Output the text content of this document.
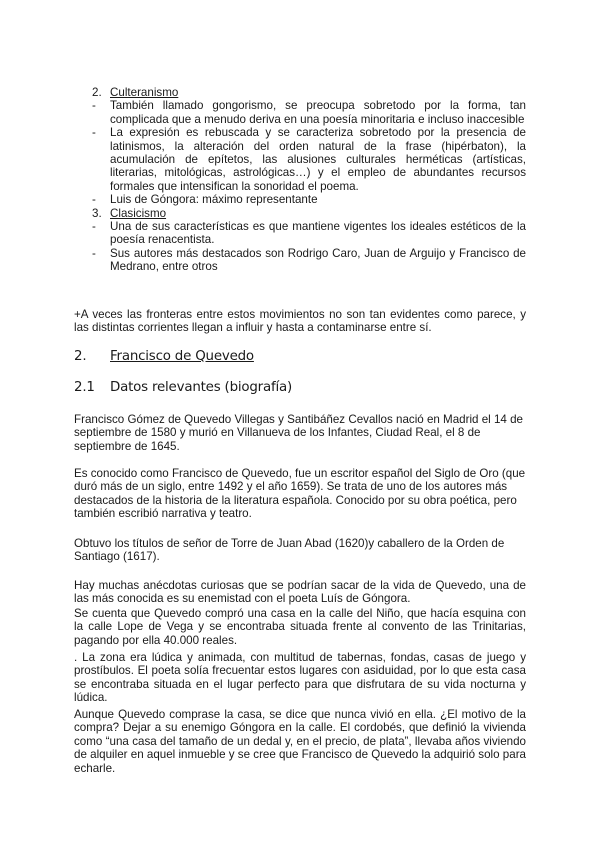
2. Culteranismo
- También llamado gongorismo, se preocupa sobretodo por la forma, tan complicada que a menudo deriva en una poesía minoritaria e incluso inaccesible
- La expresión es rebuscada y se caracteriza sobretodo por la presencia de latinismos, la alteración del orden natural de la frase (hipérbaton), la acumulación de epítetos, las alusiones culturales herméticas (artísticas, literarias, mitológicas, astrológicas…) y el empleo de abundantes recursos formales que intensifican la sonoridad el poema.
- Luis de Góngora: máximo representante
3. Clasicismo
- Una de sus características es que mantiene vigentes los ideales estéticos de la poesía renacentista.
- Sus autores más destacados son Rodrigo Caro, Juan de Arguijo y Francisco de Medrano, entre otros

+A veces las fronteras entre estos movimientos no son tan evidentes como parece, y las distintas corrientes llegan a influir y hasta a contaminarse entre sí.

2. Francisco de Quevedo
2.1 Datos relevantes (biografía)

Francisco Gómez de Quevedo Villegas y Santibáñez Cevallos nació en Madrid el 14 de septiembre de 1580 y murió en Villanueva de los Infantes, Ciudad Real, el 8 de septiembre de 1645.

Es conocido como Francisco de Quevedo, fue un escritor español del Siglo de Oro (que duró más de un siglo, entre 1492 y el año 1659). Se trata de uno de los autores más destacados de la historia de la literatura española. Conocido por su obra poética, pero también escribió narrativa y teatro.

Obtuvo los títulos de señor de Torre de Juan Abad (1620)y caballero de la Orden de Santiago (1617).

Hay muchas anécdotas curiosas que se podrían sacar de la vida de Quevedo, una de las más conocida es su enemistad con el poeta Luís de Góngora.

Se cuenta que Quevedo compró una casa en la calle del Niño, que hacía esquina con la calle Lope de Vega y se encontraba situada frente al convento de las Trinitarias, pagando por ella 40.000 reales.

. La zona era lúdica y animada, con multitud de tabernas, fondas, casas de juego y prostíbulos. El poeta solía frecuentar estos lugares con asiduidad, por lo que esta casa se encontraba situada en el lugar perfecto para que disfrutara de su vida nocturna y lúdica.

Aunque Quevedo comprase la casa, se dice que nunca vivió en ella. ¿El motivo de la compra? Dejar a su enemigo Góngora en la calle. El cordobés, que definió la vivienda como “una casa del tamaño de un dedal y, en el precio, de plata”, llevaba años viviendo de alquiler en aquel inmueble y se cree que Francisco de Quevedo la adquirió solo para echarle.
